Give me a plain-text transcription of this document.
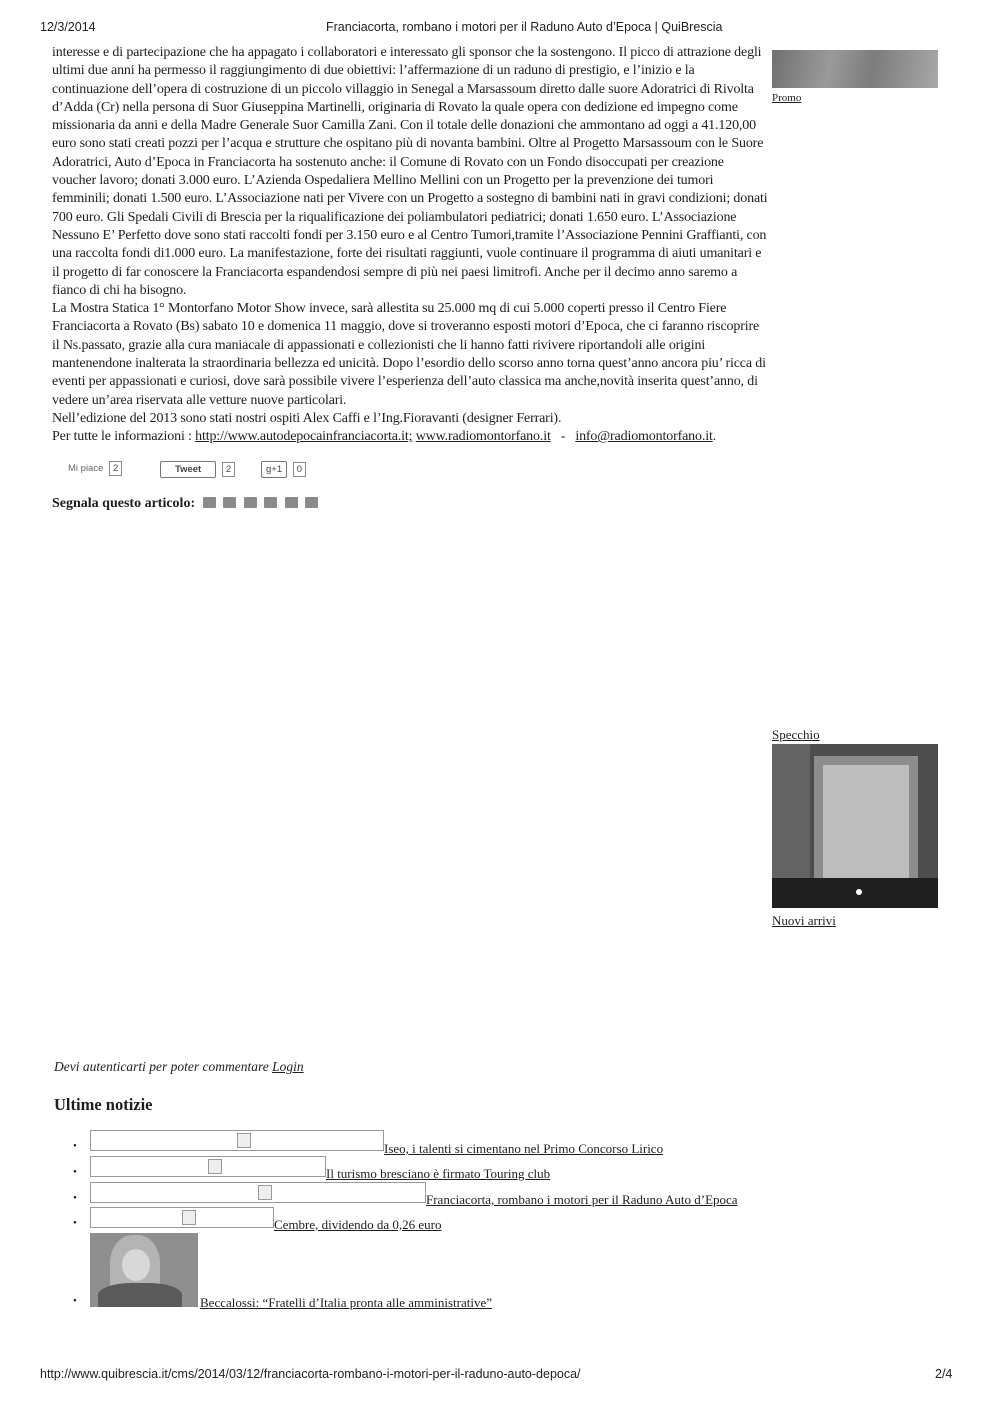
12/3/2014	Franciacorta, rombano i motori per il Raduno Auto d’Epoca | QuiBrescia

interesse e di partecipazione che ha appagato i collaboratori e interessato gli sponsor che la sostengono. Il picco di attrazione degli ultimi due anni ha permesso il raggiungimento di due obiettivi: l’affermazione di un raduno di prestigio, e l’inizio e la continuazione dell’opera di costruzione di un piccolo villaggio in Senegal a Marsassoum diretto dalle suore Adoratrici di Rivolta d’Adda (Cr) nella persona di Suor Giuseppina Martinelli, originaria di Rovato la quale opera con dedizione ed impegno come missionaria da anni e della Madre Generale Suor Camilla Zani. Con il totale delle donazioni che ammontano ad oggi a 41.120,00 euro sono stati creati pozzi per l’acqua e strutture che ospitano più di novanta bambini. Oltre al Progetto Marsassoum con le Suore Adoratrici, Auto d’Epoca in Franciacorta ha sostenuto anche: il Comune di Rovato con un Fondo disoccupati per creazione voucher lavoro; donati 3.000 euro. L’Azienda Ospedaliera Mellino Mellini con un Progetto per la prevenzione dei tumori femminili; donati 1.500 euro. L’Associazione nati per Vivere con un Progetto a sostegno di bambini nati in gravi condizioni; donati 700 euro. Gli Spedali Civili di Brescia per la riqualificazione dei poliambulatori pediatrici; donati 1.650 euro. L’Associazione Nessuno E’ Perfetto dove sono stati raccolti fondi per 3.150 euro e al Centro Tumori,tramite l’Associazione Pennini Graffianti, con una raccolta fondi di1.000 euro. La manifestazione, forte dei risultati raggiunti, vuole continuare il programma di aiuti umanitari e il progetto di far conoscere la Franciacorta espandendosi sempre di più nei paesi limitrofi. Anche per il decimo anno saremo a fianco di chi ha bisogno.

La Mostra Statica 1° Montorfano Motor Show invece, sarà allestita su 25.000 mq di cui 5.000 coperti presso il Centro Fiere Franciacorta a Rovato (Bs) sabato 10 e domenica 11 maggio, dove si troveranno esposti motori d’Epoca, che ci faranno riscoprire il Ns.passato, grazie alla cura maniacale di appassionati e collezionisti che li hanno fatti rivivere riportandoli alle origini mantenendone inalterata la straordinaria bellezza ed unicità. Dopo l’esordio dello scorso anno torna quest’anno ancora piu’ ricca di eventi per appassionati e curiosi, dove sarà possibile vivere l’esperienza dell’auto classica ma anche,novità inserita quest’anno, di vedere un’area riservata alle vetture nuove particolari.

Nell’edizione del 2013 sono stati nostri ospiti Alex Caffi e l’Ing.Fioravanti (designer Ferrari).

Per tutte le informazioni : http://www.autodepocainfranciacorta.it; www.radiomontorfano.it - info@radiomontorfano.it.

Promo
Mi piace 2	Tweet	2	g+1 0
Segnala questo articolo:
Specchio
Nuovi arrivi
Devi autenticarti per poter commentare Login
Ultime notizie
•	Iseo, i talenti si cimentano nel Primo Concorso Lirico
•	Il turismo bresciano è firmato Touring club
•	Franciacorta, rombano i motori per il Raduno Auto d’Epoca
•	Cembre, dividendo da 0,26 euro
•	Beccalossi: “Fratelli d’Italia pronta alle amministrative”
http://www.quibrescia.it/cms/2014/03/12/franciacorta-rombano-i-motori-per-il-raduno-auto-depoca/	2/4
